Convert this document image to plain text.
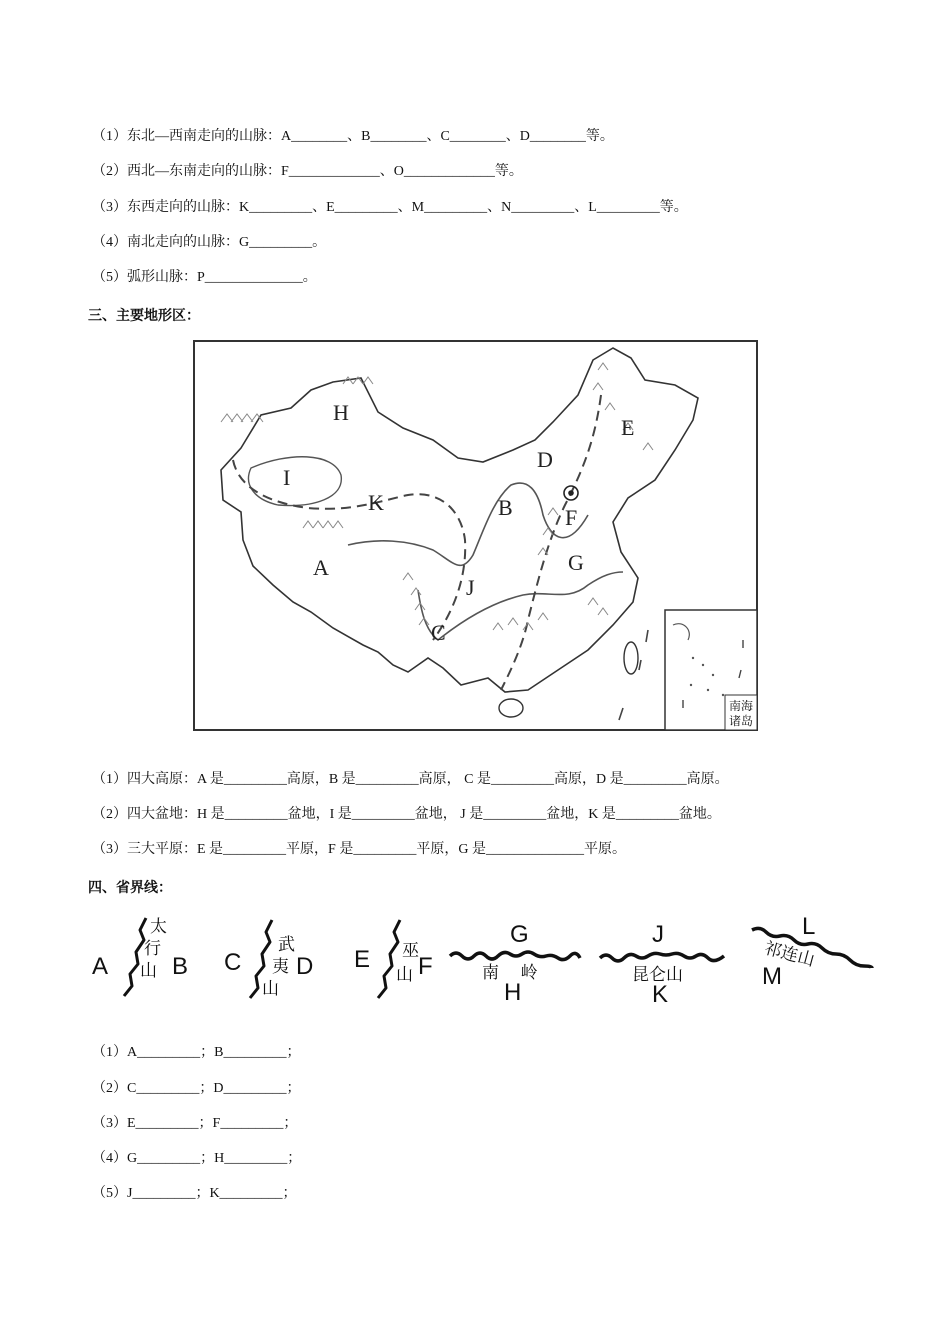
（1）东北—西南走向的山脉：A________、B________、C________、D________等。
（2）西北—东南走向的山脉：F_____________、O_____________等。
（3）东西走向的山脉：K_________、E_________、M_________、N_________、L_________等。
（4）南北走向的山脉：G_________。
（5）弧形山脉：P______________。
三、主要地形区：
H
I
K
A
B
D
E
F
G
J
C
南海
诸岛
（1）四大高原：A 是_________高原，B 是_________高原， C 是_________高原，D 是_________高原。
（2）四大盆地：H 是_________盆地，I 是_________盆地， J 是_________盆地，K 是_________盆地。
（3）三大平原：E 是_________平原，F 是_________平原，G 是______________平原。
四、省界线：
A	B
太
行
山	C D
武
夷
山
E F
巫
山
G
H
南    岭
J
K
昆仑山
L
M
祁连山
（1）A_________；B_________；
（2）C_________；D_________；
（3）E_________；F_________；
（4）G_________；H_________；
（5）J_________；K_________；
